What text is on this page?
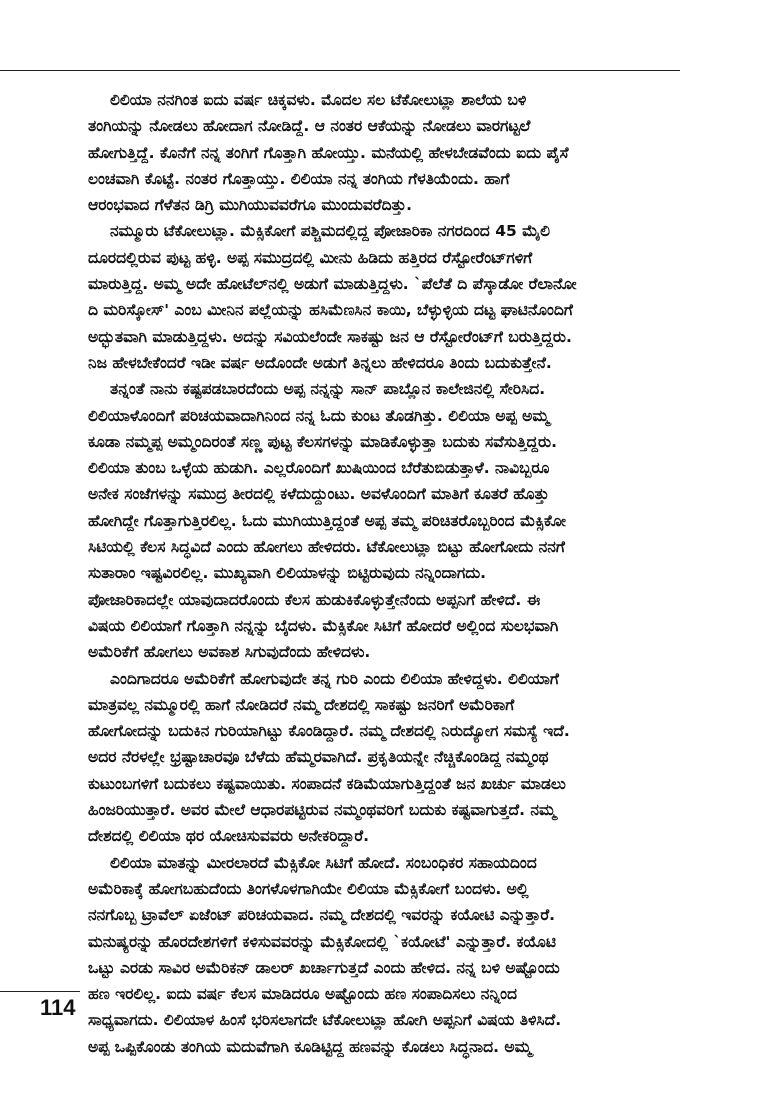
ಲಿಲಿಯಾ ನನಗಿಂತ ಐದು ವರ್ಷ ಚಿಕ್ಕವಳು. ಮೊದಲ ಸಲ ಟೆಕೋಲುಟ್ಲಾ ಶಾಲೆಯ ಬಳಿ
ತಂಗಿಯನ್ನು ನೋಡಲು ಹೋದಾಗ ನೋಡಿದ್ದೆ. ಆ ನಂತರ ಆಕೆಯನ್ನು ನೋಡಲು ವಾರಗಟ್ಟಲೆ
ಹೋಗುತ್ತಿದ್ದೆ. ಕೊನೆಗೆ ನನ್ನ ತಂಗಿಗೆ ಗೊತ್ತಾಗಿ ಹೋಯ್ತು. ಮನೆಯಲ್ಲಿ ಹೇಳಬೇಡವೆಂದು ಐದು ಪೈಸೆ
ಲಂಚವಾಗಿ ಕೊಟ್ಟೆ. ನಂತರ ಗೊತ್ತಾಯ್ತು. ಲಿಲಿಯಾ ನನ್ನ ತಂಗಿಯ ಗೆಳತಿಯೆಂದು. ಹಾಗೆ
ಆರಂಭವಾದ ಗೆಳೆತನ ಡಿಗ್ರಿ ಮುಗಿಯುವವರೆಗೂ ಮುಂದುವರೆದಿತ್ತು.
ನಮ್ಮೂರು ಟೆಕೋಲುಟ್ಲಾ. ಮೆಕ್ಸಿಕೋಗೆ ಪಶ್ಚಿಮದಲ್ಲಿದ್ದ ಪೋಜಾರಿಕಾ ನಗರದಿಂದ 45 ಮೈಲಿ
ದೂರದಲ್ಲಿರುವ ಪುಟ್ಟ ಹಳ್ಳಿ. ಅಪ್ಪ ಸಮುದ್ರದಲ್ಲಿ ಮೀನು ಹಿಡಿದು ಹತ್ತಿರದ ರೆಸ್ಟೋರೆಂಟ್‌ಗಳಿಗೆ
ಮಾರುತ್ತಿದ್ದ. ಅಮ್ಮ ಅದೇ ಹೋಟೆಲ್‌ನಲ್ಲಿ ಅಡುಗೆ ಮಾಡುತ್ತಿದ್ದಳು. `ಪೆಲೆತೆ ದಿ ಪೆಸ್ಕಾಡೋ ರೆಲಾನೋ
ದಿ ಮರಿಸ್ಕೋಸ್' ಎಂಬ ಮೀನಿನ ಪಲ್ಲೆಯನ್ನು ಹಸಿಮೆಣಸಿನ ಕಾಯಿ, ಬೆಳ್ಳುಳ್ಳಿಯ ದಟ್ಟ ಘಾಟಿನೊಂದಿಗೆ
ಅದ್ಭುತವಾಗಿ ಮಾಡುತ್ತಿದ್ದಳು. ಅದನ್ನು ಸವಿಯಲೆಂದೇ ಸಾಕಷ್ಟು ಜನ ಆ ರೆಸ್ಟೋರೆಂಟ್‌ಗೆ ಬರುತ್ತಿದ್ದರು.
ನಿಜ ಹೇಳಬೇಕೆಂದರೆ ಇಡೀ ವರ್ಷ ಅದೊಂದೇ ಅಡುಗೆ ತಿನ್ನಲು ಹೇಳಿದರೂ ತಿಂದು ಬದುಕುತ್ತೇನೆ.
ತನ್ನಂತೆ ನಾನು ಕಷ್ಟಪಡಬಾರದೆಂದು ಅಪ್ಪ ನನ್ನನ್ನು ಸಾನ್ ಪಾಬ್ಲೊನ ಕಾಲೇಜಿನಲ್ಲಿ ಸೇರಿಸಿದ.
ಲಿಲಿಯಾಳೊಂದಿಗೆ ಪರಿಚಯವಾದಾಗಿನಿಂದ ನನ್ನ ಓದು ಕುಂಟ ತೊಡಗಿತ್ತು. ಲಿಲಿಯಾ ಅಪ್ಪ ಅಮ್ಮ
ಕೂಡಾ ನಮ್ಮಪ್ಪ ಅಮ್ಮಂದಿರಂತೆ ಸಣ್ಣ ಪುಟ್ಟ ಕೆಲಸಗಳನ್ನು ಮಾಡಿಕೊಳ್ಳುತ್ತಾ ಬದುಕು ಸವೆಸುತ್ತಿದ್ದರು.
ಲಿಲಿಯಾ ತುಂಬ ಒಳ್ಳೆಯ ಹುಡುಗಿ. ಎಲ್ಲರೊಂದಿಗೆ ಖುಷಿಯಿಂದ ಬೆರೆತುಬಿಡುತ್ತಾಳೆ. ನಾವಿಬ್ಬರೂ
ಅನೇಕ ಸಂಜೆಗಳನ್ನು ಸಮುದ್ರ ತೀರದಲ್ಲಿ ಕಳೆದುದ್ದುಂಟು. ಅವಳೊಂದಿಗೆ ಮಾತಿಗೆ ಕೂತರೆ ಹೊತ್ತು
ಹೋಗಿದ್ದೇ ಗೊತ್ತಾಗುತ್ತಿರಲಿಲ್ಲ. ಓದು ಮುಗಿಯುತ್ತಿದ್ದಂತೆ ಅಪ್ಪ ತಮ್ಮ ಪರಿಚಿತರೊಬ್ಬರಿಂದ ಮೆಕ್ಸಿಕೋ
ಸಿಟಿಯಲ್ಲಿ ಕೆಲಸ ಸಿದ್ಧವಿದೆ ಎಂದು ಹೋಗಲು ಹೇಳಿದರು. ಟೆಕೋಲುಟ್ಲಾ ಬಿಟ್ಟು ಹೋಗೋದು ನನಗೆ
ಸುತಾರಾಂ ಇಷ್ಟವಿರಲಿಲ್ಲ. ಮುಖ್ಯವಾಗಿ ಲಿಲಿಯಾಳನ್ನು ಬಿಟ್ಟಿರುವುದು ನನ್ನಿಂದಾಗದು.
ಪೋಜಾರಿಕಾದಲ್ಲೇ ಯಾವುದಾದರೊಂದು ಕೆಲಸ ಹುಡುಕಿಕೊಳ್ಳುತ್ತೇನೆಂದು ಅಪ್ಪನಿಗೆ ಹೇಳಿದೆ. ಈ
ವಿಷಯ ಲಿಲಿಯಾಗೆ ಗೊತ್ತಾಗಿ ನನ್ನನ್ನು ಬೈದಳು. ಮೆಕ್ಸಿಕೋ ಸಿಟಿಗೆ ಹೋದರೆ ಅಲ್ಲಿಂದ ಸುಲಭವಾಗಿ
ಅಮೆರಿಕೆಗೆ ಹೋಗಲು ಅವಕಾಶ ಸಿಗುವುದೆಂದು ಹೇಳಿದಳು.
ಎಂದಿಗಾದರೂ ಅಮೆರಿಕೆಗೆ ಹೋಗುವುದೇ ತನ್ನ ಗುರಿ ಎಂದು ಲಿಲಿಯಾ ಹೇಳಿದ್ದಳು. ಲಿಲಿಯಾಗೆ
ಮಾತ್ರವಲ್ಲ ನಮ್ಮೂರಲ್ಲಿ ಹಾಗೆ ನೋಡಿದರೆ ನಮ್ಮ ದೇಶದಲ್ಲಿ ಸಾಕಷ್ಟು ಜನರಿಗೆ ಅಮೆರಿಕಾಗೆ
ಹೋಗೋದನ್ನು ಬದುಕಿನ ಗುರಿಯಾಗಿಟ್ಟು ಕೊಂಡಿದ್ದಾರೆ. ನಮ್ಮ ದೇಶದಲ್ಲಿ ನಿರುದ್ಯೋಗ ಸಮಸ್ಯೆ ಇದೆ.
ಅದರ ನೆರಳಲ್ಲೇ ಭ್ರಷ್ಟಾಚಾರವೂ ಬೆಳೆದು ಹೆಮ್ಮರವಾಗಿದೆ. ಪ್ರಕೃತಿಯನ್ನೇ ನೆಚ್ಚಿಕೊಂಡಿದ್ದ ನಮ್ಮಂಥ
ಕುಟುಂಬಗಳಿಗೆ ಬದುಕಲು ಕಷ್ಟವಾಯಿತು. ಸಂಪಾದನೆ ಕಡಿಮೆಯಾಗುತ್ತಿದ್ದಂತೆ ಜನ ಖರ್ಚು ಮಾಡಲು
ಹಿಂಜರಿಯುತ್ತಾರೆ. ಅವರ ಮೇಲೆ ಆಧಾರಪಟ್ಟಿರುವ ನಮ್ಮಂಥವರಿಗೆ ಬದುಕು ಕಷ್ಟವಾಗುತ್ತದೆ. ನಮ್ಮ
ದೇಶದಲ್ಲಿ ಲಿಲಿಯಾ ಥರ ಯೋಚಿಸುವವರು ಅನೇಕರಿದ್ದಾರೆ.
ಲಿಲಿಯಾ ಮಾತನ್ನು ಮೀರಲಾರದೆ ಮೆಕ್ಸಿಕೋ ಸಿಟಿಗೆ ಹೋದೆ. ಸಂಬಂಧಿಕರ ಸಹಾಯದಿಂದ
ಅಮೆರಿಕಾಕ್ಕೆ ಹೋಗಬಹುದೆಂದು ತಿಂಗಳೊಳಗಾಗಿಯೇ ಲಿಲಿಯಾ ಮೆಕ್ಸಿಕೋಗೆ ಬಂದಳು. ಅಲ್ಲಿ
ನನಗೊಬ್ಬ ಟ್ರಾವೆಲ್ ಏಜೆಂಟ್ ಪರಿಚಯವಾದ. ನಮ್ಮ ದೇಶದಲ್ಲಿ ಇವರನ್ನು ಕಯೋಟಿ ಎನ್ನುತ್ತಾರೆ.
ಮನುಷ್ಯರನ್ನು ಹೊರದೇಶಗಳಿಗೆ ಕಳಿಸುವವರನ್ನು ಮೆಕ್ಸಿಕೋದಲ್ಲಿ `ಕಯೋಟೆ' ಎನ್ನುತ್ತಾರೆ. ಕಯೊಟಿ
ಒಟ್ಟು ಎರಡು ಸಾವಿರ ಅಮೆರಿಕನ್ ಡಾಲರ್ ಖರ್ಚಾಗುತ್ತದೆ ಎಂದು ಹೇಳಿದ. ನನ್ನ ಬಳಿ ಅಷ್ಟೊಂದು
ಹಣ ಇರಲಿಲ್ಲ. ಐದು ವರ್ಷ ಕೆಲಸ ಮಾಡಿದರೂ ಅಷ್ಟೊಂದು ಹಣ ಸಂಪಾದಿಸಲು ನನ್ನಿಂದ
ಸಾಧ್ಯವಾಗದು. ಲಿಲಿಯಾಳ ಹಿಂಸೆ ಭರಿಸಲಾಗದೇ ಟೆಕೋಲುಟ್ಲಾ ಹೋಗಿ ಅಪ್ಪನಿಗೆ ವಿಷಯ ತಿಳಿಸಿದೆ.
ಅಪ್ಪ ಒಪ್ಪಿಕೊಂಡು ತಂಗಿಯ ಮದುವೆಗಾಗಿ ಕೂಡಿಟ್ಟಿದ್ದ ಹಣವನ್ನು ಕೊಡಲು ಸಿದ್ಧನಾದ. ಅಮ್ಮ
114
